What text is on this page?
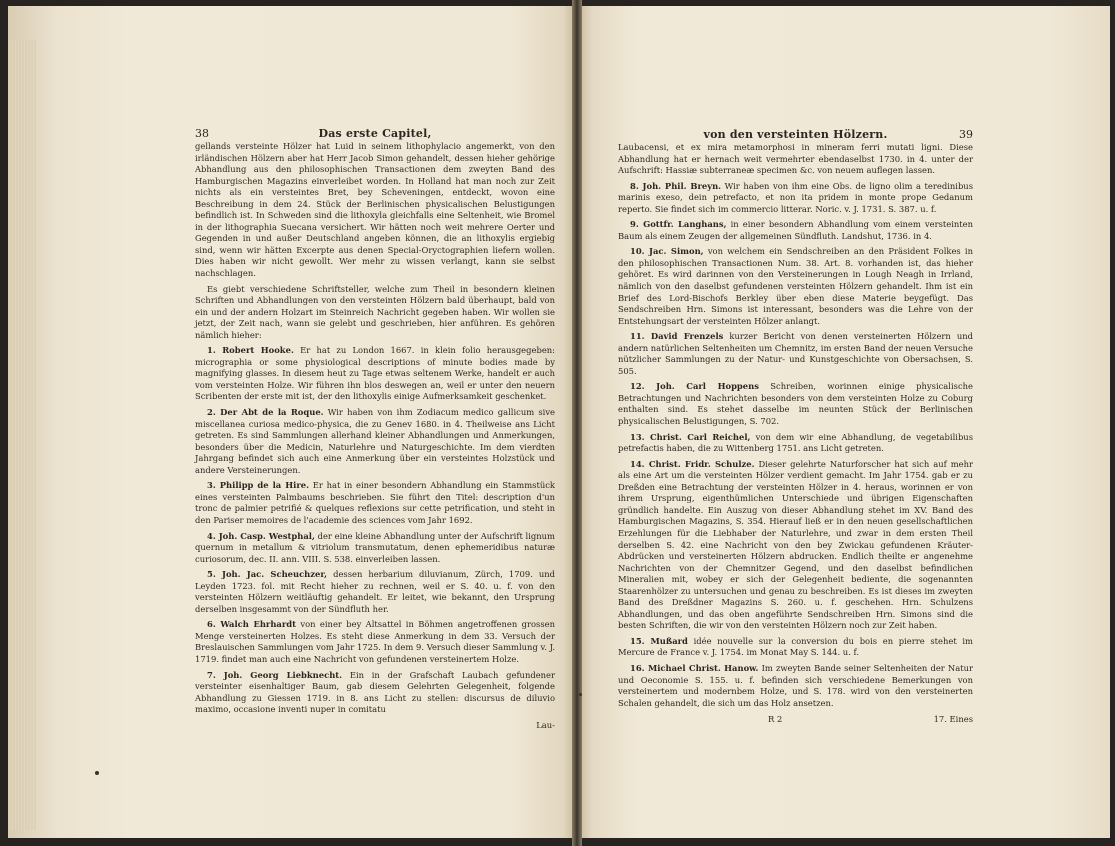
38	Das erste Capitel,

gellands versteinte Hölzer hat Luid in seinem lithophylacio angemerkt, von den irländischen Hölzern aber hat Herr Jacob Simon gehandelt, dessen hieher gehörige Abhandlung aus den philosophischen Transactionen dem zweyten Band des Hamburgischen Magazins einverleibet worden. In Holland hat man noch zur Zeit nichts als ein versteintes Bret, bey Scheveningen, entdeckt, wovon eine Beschreibung in dem 24. Stück der Berlinischen physicalischen Belustigungen befindlich ist. In Schweden sind die lithoxyla gleichfalls eine Seltenheit, wie Bromel in der lithographia Suecana versichert. Wir hätten noch weit mehrere Oerter und Gegenden in und außer Deutschland angeben können, die an lithoxylis ergiebig sind, wenn wir hätten Excerpte aus denen Special-Oryctographien liefern wollen. Dies haben wir nicht gewollt. Wer mehr zu wissen verlangt, kann sie selbst nachschlagen.

Es giebt verschiedene Schriftsteller, welche zum Theil in besondern kleinen Schriften und Abhandlungen von den versteinten Hölzern bald überhaupt, bald von ein und der andern Holzart im Steinreich Nachricht gegeben haben. Wir wollen sie jetzt, der Zeit nach, wann sie gelebt und geschrieben, hier anführen. Es gehören nämlich hieher:

1. Robert Hooke. Er hat zu London 1667. in klein folio herausgegeben: micrographia or some physiological descriptions of minute bodies made by magnifying glasses. In diesem heut zu Tage etwas seltenem Werke, handelt er auch vom versteinten Holze. Wir führen ihn blos deswegen an, weil er unter den neuern Scribenten der erste mit ist, der den lithoxylis einige Aufmerksamkeit geschenket.

2. Der Abt de la Roque. Wir haben von ihm Zodiacum medico gallicum sive miscellanea curiosa medico-physica, die zu Genev 1680. in 4. Theilweise ans Licht getreten. Es sind Sammlungen allerhand kleiner Abhandlungen und Anmerkungen, besonders über die Medicin, Naturlehre und Naturgeschichte. Im dem vierdten Jahrgang befindet sich auch eine Anmerkung über ein versteintes Holzstück und andere Versteinerungen.

3. Philipp de la Hire. Er hat in einer besondern Abhandlung ein Stammstück eines versteinten Palmbaums beschrieben. Sie führt den Titel: description d'un tronc de palmier petrifié & quelques reflexions sur cette petrification, und steht in den Pariser memoires de l'academie des sciences vom Jahr 1692.

4. Joh. Casp. Westphal, der eine kleine Abhandlung unter der Aufschrift lignum quernum in metallum & vitriolum transmutatum, denen ephemeridibus naturæ curiosorum, dec. II. ann. VIII. S. 538. einverleiben lassen.

5. Joh. Jac. Scheuchzer, dessen herbarium diluvianum, Zürch, 1709. und Leyden 1723. fol. mit Recht hieher zu rechnen, weil er S. 40. u. f. von den versteinten Hölzern weitläuftig gehandelt. Er leitet, wie bekannt, den Ursprung derselben insgesammt von der Sündfluth her.

6. Walch Ehrhardt von einer bey Altsattel in Böhmen angetroffenen grossen Menge versteinerten Holzes. Es steht diese Anmerkung in dem 33. Versuch der Breslauischen Sammlungen vom Jahr 1725. In dem 9. Versuch dieser Sammlung v. J. 1719. findet man auch eine Nachricht von gefundenen versteinertem Holze.

7. Joh. Georg Liebknecht. Ein in der Grafschaft Laubach gefundener versteinter eisenhaltiger Baum, gab diesem Gelehrten Gelegenheit, folgende Abhandlung zu Giessen 1719. in 8. ans Licht zu stellen: discursus de diluvio maximo, occasione inventi nuper in comitatu

Lau-

von den versteinten Hölzern.	39

Laubacensi, et ex mira metamorphosi in mineram ferri mutati ligni. Diese Abhandlung hat er hernach weit vermehrter ebendaselbst 1730. in 4. unter der Aufschrift: Hassiæ subterraneæ specimen &c. von neuem auflegen lassen.

8. Joh. Phil. Breyn. Wir haben von ihm eine Obs. de ligno olim a teredinibus marinis exeso, dein petrefacto, et non ita pridem in monte prope Gedanum reperto. Sie findet sich im commercio litterar. Noric. v. J. 1731. S. 387. u. f.

9. Gottfr. Langhans, in einer besondern Abhandlung vom einem versteinten Baum als einem Zeugen der allgemeinen Sündfluth. Landshut, 1736. in 4.

10. Jac. Simon, von welchem ein Sendschreiben an den Präsident Folkes in den philosophischen Transactionen Num. 38. Art. 8. vorhanden ist, das hieher gehöret. Es wird darinnen von den Versteinerungen in Lough Neagh in Irrland, nämlich von den daselbst gefundenen versteinten Hölzern gehandelt. Ihm ist ein Brief des Lord-Bischofs Berkley über eben diese Materie beygefügt. Das Sendschreiben Hrn. Simons ist interessant, besonders was die Lehre von der Entstehungsart der versteinten Hölzer anlangt.

11. David Frenzels kurzer Bericht von denen versteinerten Hölzern und andern natürlichen Seltenheiten um Chemnitz, im ersten Band der neuen Versuche nützlicher Sammlungen zu der Natur- und Kunstgeschichte von Obersachsen, S. 505.

12. Joh. Carl Hoppens Schreiben, worinnen einige physicalische Betrachtungen und Nachrichten besonders von dem versteinten Holze zu Coburg enthalten sind. Es stehet dasselbe im neunten Stück der Berlinischen physicalischen Belustigungen, S. 702.

13. Christ. Carl Reichel, von dem wir eine Abhandlung, de vegetabilibus petrefactis haben, die zu Wittenberg 1751. ans Licht getreten.

14. Christ. Fridr. Schulze. Dieser gelehrte Naturforscher hat sich auf mehr als eine Art um die versteinten Hölzer verdient gemacht. Im Jahr 1754. gab er zu Dreßden eine Betrachtung der versteinten Hölzer in 4. heraus, worinnen er von ihrem Ursprung, eigenthümlichen Unterschiede und übrigen Eigenschaften gründlich handelte. Ein Auszug von dieser Abhandlung stehet im XV. Band des Hamburgischen Magazins, S. 354. Hierauf ließ er in den neuen gesellschaftlichen Erzehlungen für die Liebhaber der Naturlehre, und zwar in dem ersten Theil derselben S. 42. eine Nachricht von den bey Zwickau gefundenen Kräuter-Abdrücken und versteinerten Hölzern abdrucken. Endlich theilte er angenehme Nachrichten von der Chemnitzer Gegend, und den daselbst befindlichen Mineralien mit, wobey er sich der Gelegenheit bediente, die sogenannten Staarenhölzer zu untersuchen und genau zu beschreiben. Es ist dieses im zweyten Band des Dreßdner Magazins S. 260. u. f. geschehen. Hrn. Schulzens Abhandlungen, und das oben angeführte Sendschreiben Hrn. Simons sind die besten Schriften, die wir von den versteinten Hölzern noch zur Zeit haben.

15. Mußard idée nouvelle sur la conversion du bois en pierre stehet im Mercure de France v. J. 1754. im Monat May S. 144. u. f.

16. Michael Christ. Hanow. Im zweyten Bande seiner Seltenheiten der Natur und Oeconomie S. 155. u. f. befinden sich verschiedene Bemerkungen von versteinertem und modernbem Holze, und S. 178. wird von den versteinerten Schalen gehandelt, die sich um das Holz ansetzen.

R 2	17. Eines
